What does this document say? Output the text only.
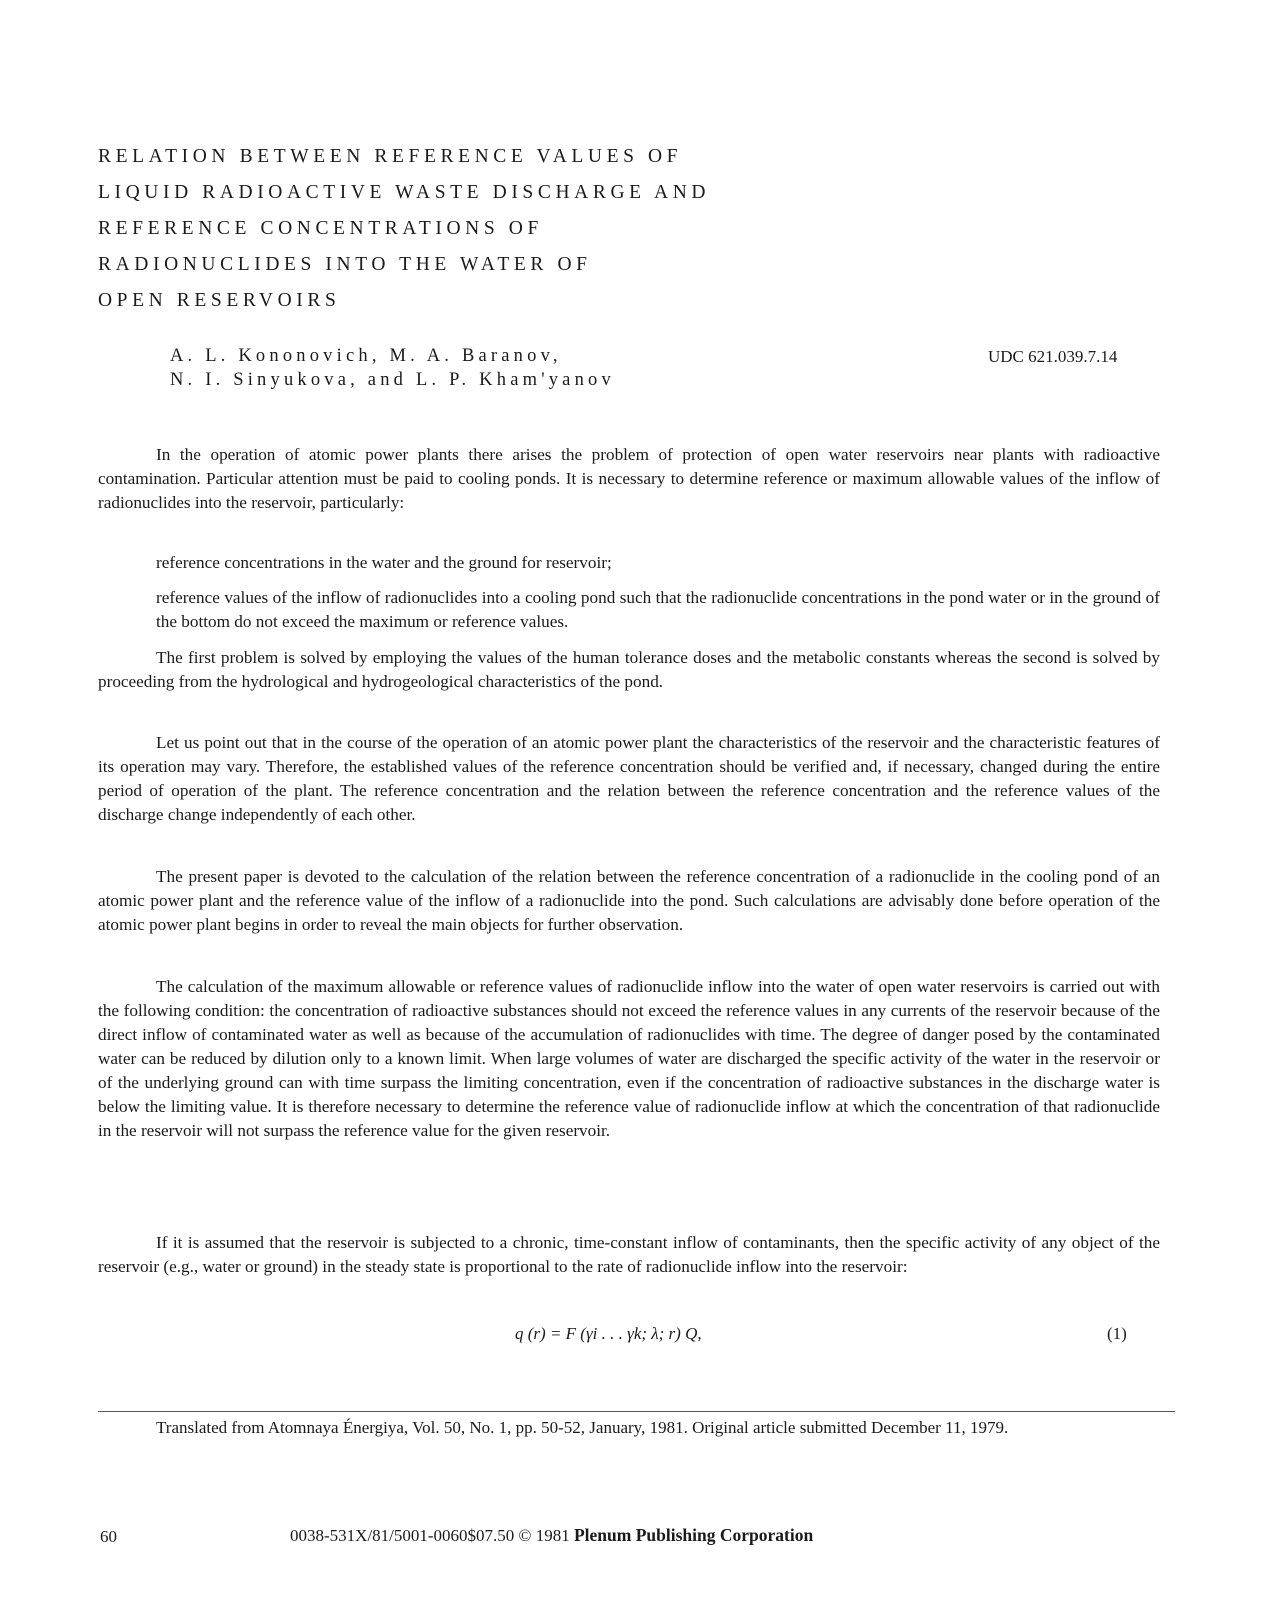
RELATION BETWEEN REFERENCE VALUES OF
LIQUID RADIOACTIVE WASTE DISCHARGE AND
REFERENCE CONCENTRATIONS OF
RADIONUCLIDES INTO THE WATER OF
OPEN RESERVOIRS
A. L. Kononovich, M. A. Baranov,
N. I. Sinyukova, and L. P. Kham'yanov
UDC 621.039.7.14

In the operation of atomic power plants there arises the problem of protection of open water reservoirs near plants with radioactive contamination. Particular attention must be paid to cooling ponds. It is necessary to determine reference or maximum allowable values of the inflow of radionuclides into the reservoir, particularly:

reference concentrations in the water and the ground for reservoir;

reference values of the inflow of radionuclides into a cooling pond such that the radionuclide concentrations in the pond water or in the ground of the bottom do not exceed the maximum or reference values.

The first problem is solved by employing the values of the human tolerance doses and the metabolic constants whereas the second is solved by proceeding from the hydrological and hydrogeological characteristics of the pond.

Let us point out that in the course of the operation of an atomic power plant the characteristics of the reservoir and the characteristic features of its operation may vary. Therefore, the established values of the reference concentration should be verified and, if necessary, changed during the entire period of operation of the plant. The reference concentration and the relation between the reference concentration and the reference values of the discharge change independently of each other.

The present paper is devoted to the calculation of the relation between the reference concentration of a radionuclide in the cooling pond of an atomic power plant and the reference value of the inflow of a radionuclide into the pond. Such calculations are advisably done before operation of the atomic power plant begins in order to reveal the main objects for further observation.

The calculation of the maximum allowable or reference values of radionuclide inflow into the water of open water reservoirs is carried out with the following condition: the concentration of radioactive substances should not exceed the reference values in any currents of the reservoir because of the direct inflow of contaminated water as well as because of the accumulation of radionuclides with time. The degree of danger posed by the contaminated water can be reduced by dilution only to a known limit. When large volumes of water are discharged the specific activity of the water in the reservoir or of the underlying ground can with time surpass the limiting concentration, even if the concentration of radioactive substances in the discharge water is below the limiting value. It is therefore necessary to determine the reference value of radionuclide inflow at which the concentration of that radionuclide in the reservoir will not surpass the reference value for the given reservoir.

If it is assumed that the reservoir is subjected to a chronic, time-constant inflow of contaminants, then the specific activity of any object of the reservoir (e.g., water or ground) in the steady state is proportional to the rate of radionuclide inflow into the reservoir:

q (r) = F (γi . . . γk; λ; r) Q,	(1)

Translated from Atomnaya Énergiya, Vol. 50, No. 1, pp. 50-52, January, 1981. Original article submitted December 11, 1979.

60	0038-531X/81/5001-0060$07.50 © 1981 Plenum Publishing Corporation
